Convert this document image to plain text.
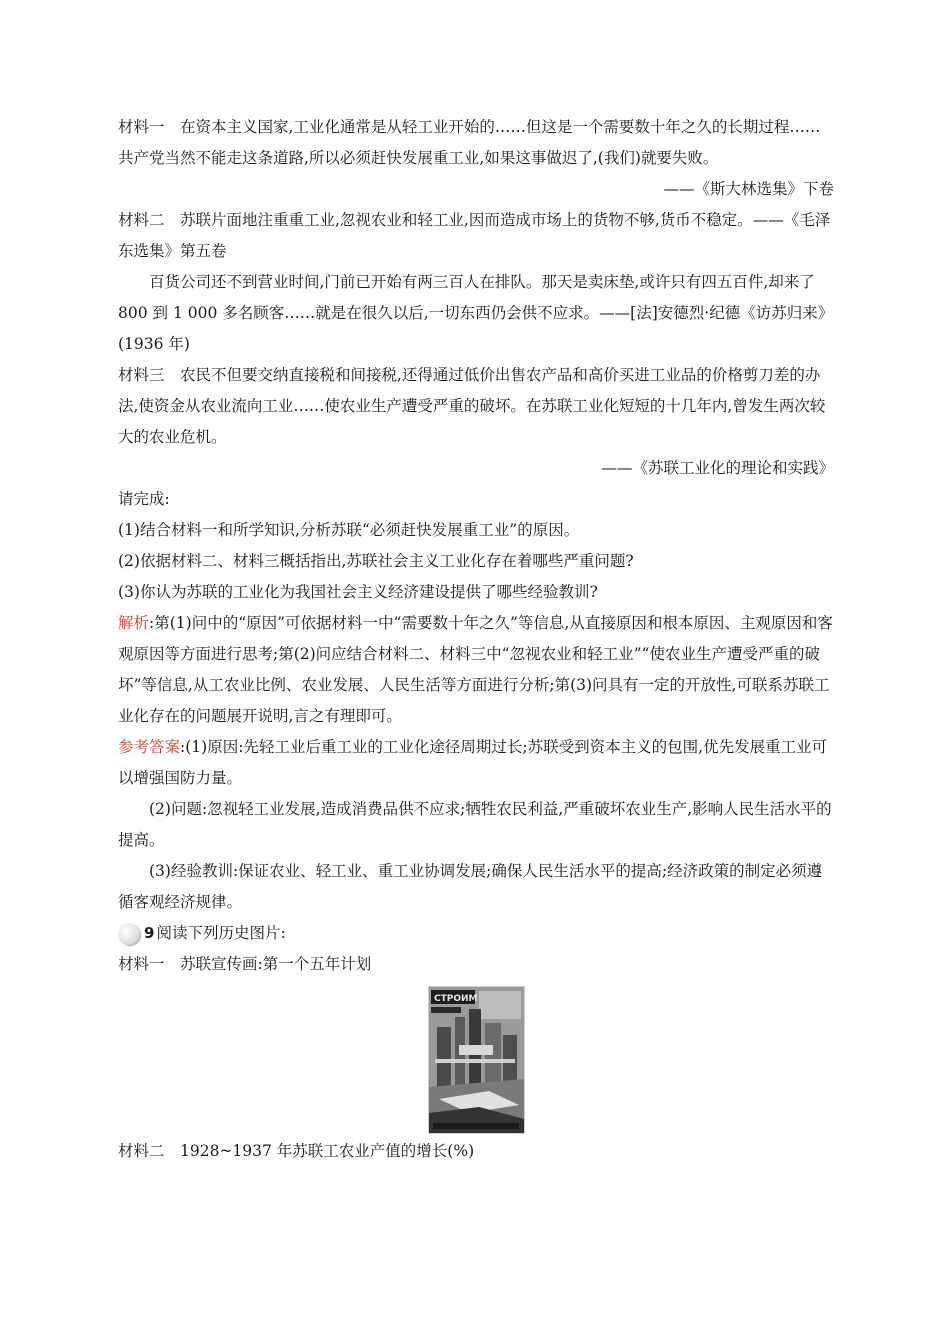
材料一　在资本主义国家,工业化通常是从轻工业开始的……但这是一个需要数十年之久的长期过程……共产党当然不能走这条道路,所以必须赶快发展重工业,如果这事做迟了,(我们)就要失败。

——《斯大林选集》下卷

材料二　苏联片面地注重重工业,忽视农业和轻工业,因而造成市场上的货物不够,货币不稳定。——《毛泽东选集》第五卷

百货公司还不到营业时间,门前已开始有两三百人在排队。那天是卖床垫,或许只有四五百件,却来了 800 到 1 000 多名顾客……就是在很久以后,一切东西仍会供不应求。——[法]安德烈·纪德《访苏归来》(1936 年)

材料三　农民不但要交纳直接税和间接税,还得通过低价出售农产品和高价买进工业品的价格剪刀差的办法,使资金从农业流向工业……使农业生产遭受严重的破坏。在苏联工业化短短的十几年内,曾发生两次较大的农业危机。

——《苏联工业化的理论和实践》

请完成:

(1)结合材料一和所学知识,分析苏联“必须赶快发展重工业”的原因。

(2)依据材料二、材料三概括指出,苏联社会主义工业化存在着哪些严重问题?

(3)你认为苏联的工业化为我国社会主义经济建设提供了哪些经验教训?

解析:第(1)问中的“原因”可依据材料一中“需要数十年之久”等信息,从直接原因和根本原因、主观原因和客观原因等方面进行思考;第(2)问应结合材料二、材料三中“忽视农业和轻工业”“使农业生产遭受严重的破坏”等信息,从工农业比例、农业发展、人民生活等方面进行分析;第(3)问具有一定的开放性,可联系苏联工业化存在的问题展开说明,言之有理即可。

参考答案:(1)原因:先轻工业后重工业的工业化途径周期过长;苏联受到资本主义的包围,优先发展重工业可以增强国防力量。

(2)问题:忽视轻工业发展,造成消费品供不应求;牺牲农民利益,严重破坏农业生产,影响人民生活水平的提高。

(3)经验教训:保证农业、轻工业、重工业协调发展;确保人民生活水平的提高;经济政策的制定必须遵循客观经济规律。

9 阅读下列历史图片:

材料一　苏联宣传画:第一个五年计划

СТРОИМ

材料二　1928~1937 年苏联工农业产值的增长(%)
